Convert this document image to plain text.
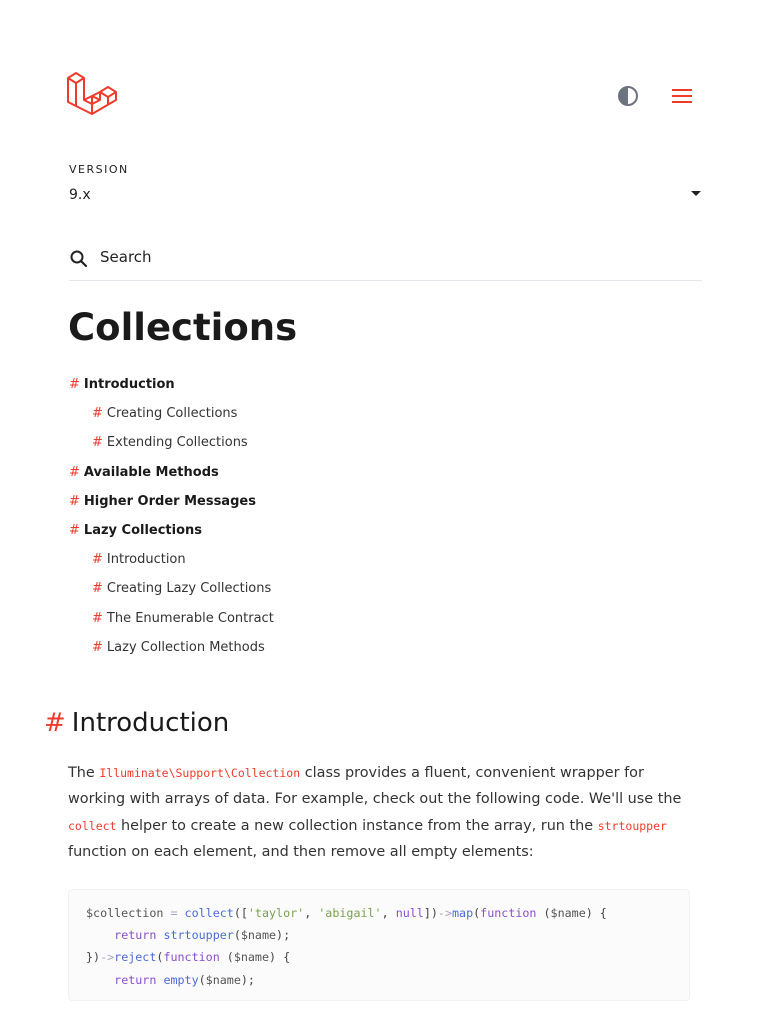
VERSION
9.x
Search
Collections
# Introduction
# Creating Collections
# Extending Collections
# Available Methods
# Higher Order Messages
# Lazy Collections
# Introduction
# Creating Lazy Collections
# The Enumerable Contract
# Lazy Collection Methods
# Introduction

The Illuminate\Support\Collection class provides a fluent, convenient wrapper for working with arrays of data. For example, check out the following code. We'll use the collect helper to create a new collection instance from the array, run the strtoupper function on each element, and then remove all empty elements:

$collection = collect(['taylor', 'abigail', null])->map(function ($name) {
return strtoupper($name);
})->reject(function ($name) {
return empty($name);
